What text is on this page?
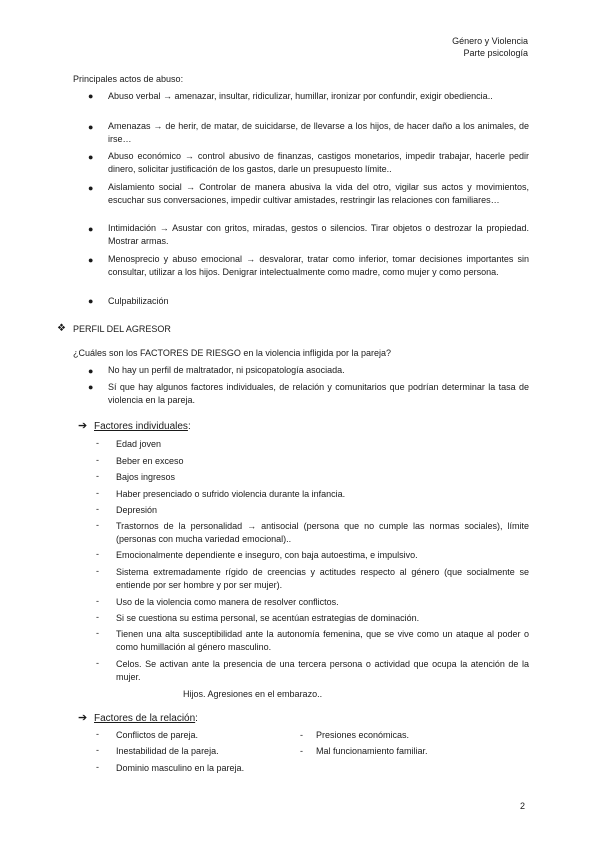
Género y Violencia
Parte psicología
Principales actos de abuso:
● Abuso verbal → amenazar, insultar, ridiculizar, humillar, ironizar por confundir, exigir obediencia..
● Amenazas → de herir, de matar, de suicidarse, de llevarse a los hijos, de hacer daño a los animales, de irse…
● Abuso económico → control abusivo de finanzas, castigos monetarios, impedir trabajar, hacerle pedir dinero, solicitar justificación de los gastos, darle un presupuesto límite..
● Aislamiento social → Controlar de manera abusiva la vida del otro, vigilar sus actos y movimientos, escuchar sus conversaciones, impedir cultivar amistades, restringir las relaciones con familiares…
● Intimidación → Asustar con gritos, miradas, gestos o silencios. Tirar objetos o destrozar la propiedad. Mostrar armas.
● Menosprecio y abuso emocional → desvalorar, tratar como inferior, tomar decisiones importantes sin consultar, utilizar a los hijos. Denigrar intelectualmente como madre, como mujer y como persona.
● Culpabilización
❖ PERFIL DEL AGRESOR
¿Cuáles son los FACTORES DE RIESGO en la violencia infligida por la pareja?
● No hay un perfil de maltratador, ni psicopatología asociada.
● Sí que hay algunos factores individuales, de relación y comunitarios que podrían determinar la tasa de violencia en la pareja.
➔ Factores individuales:
- Edad joven
- Beber en exceso
- Bajos ingresos
- Haber presenciado o sufrido violencia durante la infancia.
- Depresión
- Trastornos de la personalidad → antisocial (persona que no cumple las normas sociales), límite (personas con mucha variedad emocional)..
- Emocionalmente dependiente e inseguro, con baja autoestima, e impulsivo.
- Sistema extremadamente rígido de creencias y actitudes respecto al género (que socialmente se entiende por ser hombre y por ser mujer).
- Uso de la violencia como manera de resolver conflictos.
- Si se cuestiona su estima personal, se acentúan estrategias de dominación.
- Tienen una alta susceptibilidad ante la autonomía femenina, que se vive como un ataque al poder o como humillación al género masculino.
- Celos. Se activan ante la presencia de una tercera persona o actividad que ocupa la atención de la mujer.
Hijos. Agresiones en el embarazo..
➔ Factores de la relación:
- Conflictos de pareja.
- Inestabilidad de la pareja.
- Dominio masculino en la pareja.
- Presiones económicas.
- Mal funcionamiento familiar.
2
